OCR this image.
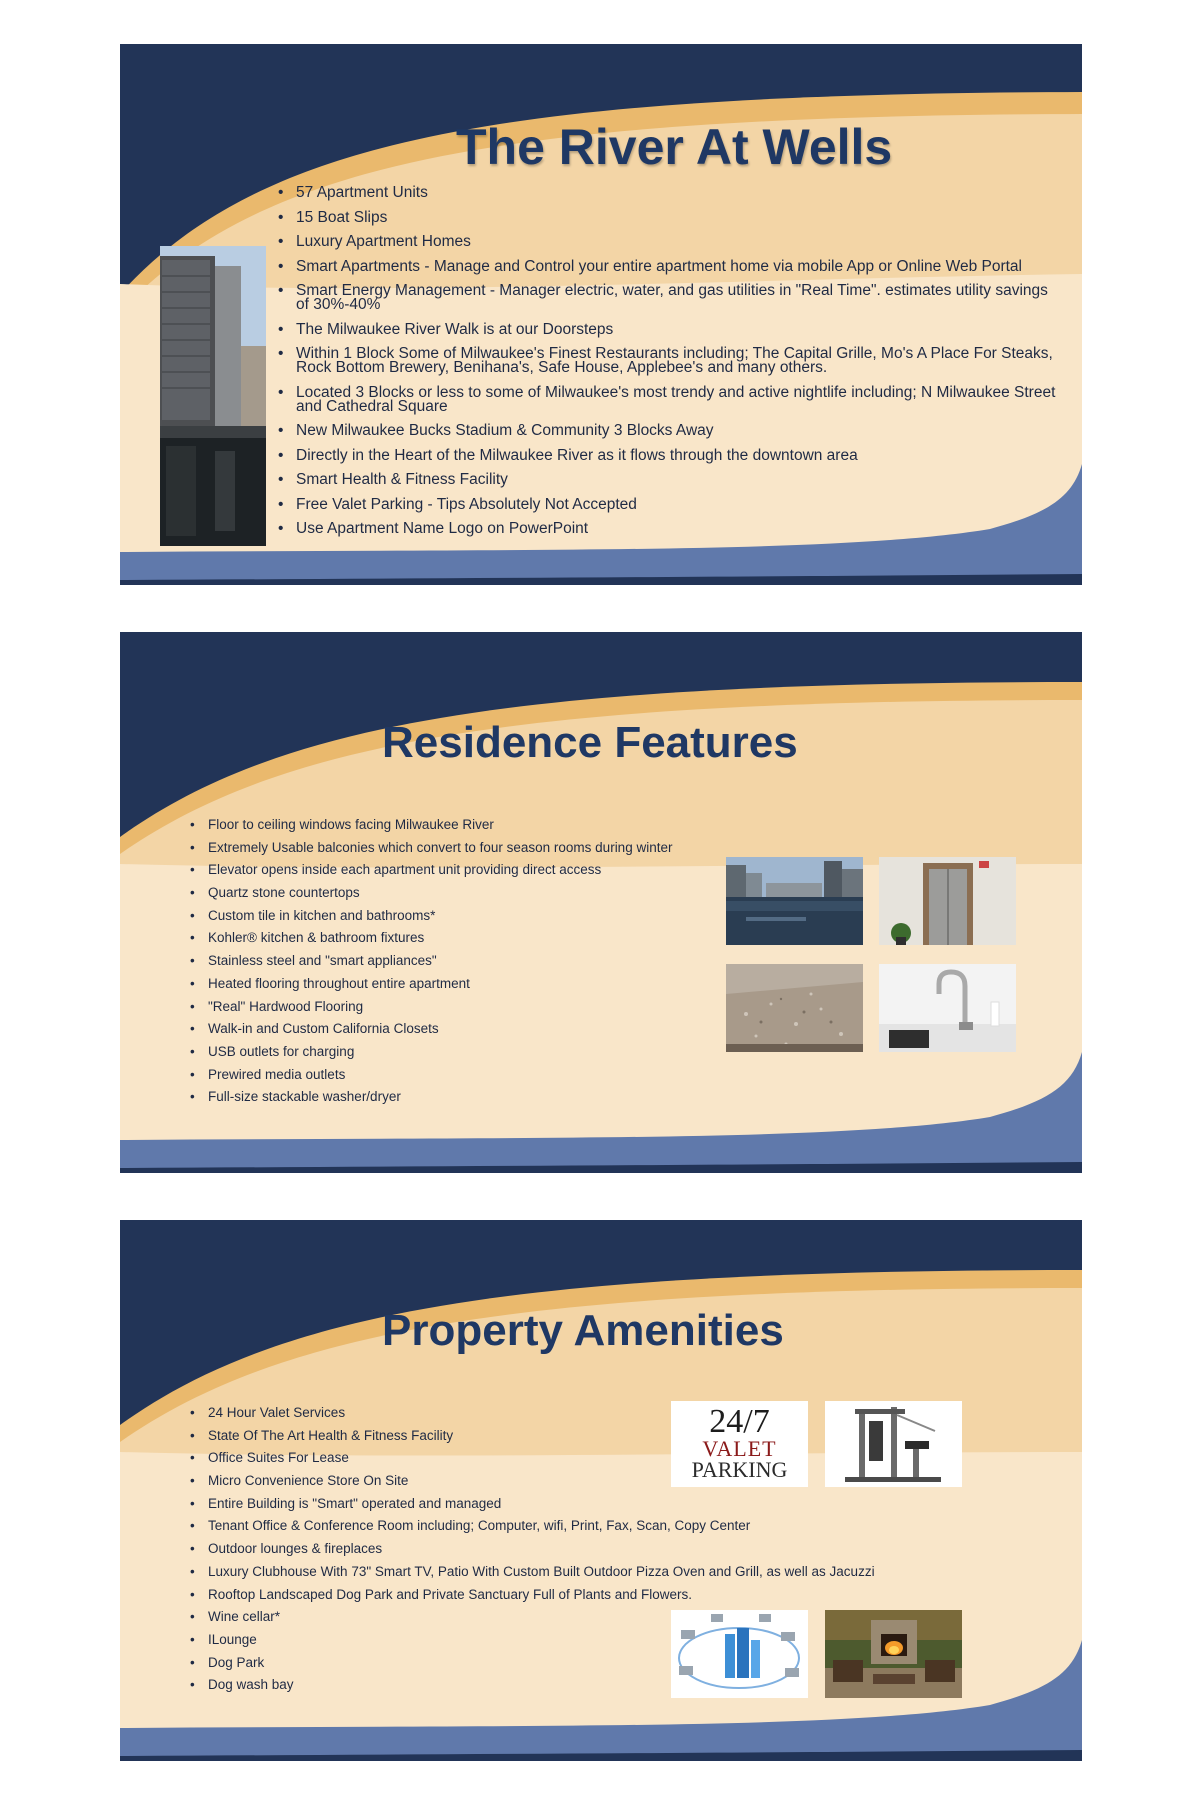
The River At Wells
• 57 Apartment Units
• 15 Boat Slips
• Luxury Apartment Homes
• Smart Apartments - Manage and Control your entire apartment home via mobile App or Online Web Portal
• Smart Energy Management - Manager electric, water, and gas utilities in "Real Time". estimates utility savings of 30%-40%
• The Milwaukee River Walk is at our Doorsteps
• Within 1 Block Some of Milwaukee's Finest Restaurants including; The Capital Grille, Mo's A Place For Steaks, Rock Bottom Brewery, Benihana's, Safe House, Applebee's and many others.
• Located 3 Blocks or less to some of Milwaukee's most trendy and active nightlife including; N Milwaukee Street and Cathedral Square
• New Milwaukee Bucks Stadium & Community 3 Blocks Away
• Directly in the Heart of the Milwaukee River as it flows through the downtown area
• Smart Health & Fitness Facility
• Free Valet Parking - Tips Absolutely Not Accepted
• Use Apartment Name Logo on PowerPoint
Residence Features
• Floor to ceiling windows facing Milwaukee River
• Extremely Usable balconies which convert to four season rooms during winter
• Elevator opens inside each apartment unit providing direct access
• Quartz stone countertops
• Custom tile in kitchen and bathrooms*
• Kohler® kitchen & bathroom fixtures
• Stainless steel and "smart appliances"
• Heated flooring throughout entire apartment
• "Real" Hardwood Flooring
• Walk-in and Custom California Closets
• USB outlets for charging
• Prewired media outlets
• Full-size stackable washer/dryer
Property Amenities
• 24 Hour Valet Services
• State Of The Art Health & Fitness Facility
• Office Suites For Lease
• Micro Convenience Store On Site
• Entire Building is "Smart" operated and managed
• Tenant Office & Conference Room including; Computer, wifi, Print, Fax, Scan, Copy Center
• Outdoor lounges & fireplaces
• Luxury Clubhouse With 73" Smart TV, Patio With Custom Built Outdoor Pizza Oven and Grill, as well as Jacuzzi
• Rooftop Landscaped Dog Park and Private Sanctuary Full of Plants and Flowers.
• Wine cellar*
• ILounge
• Dog Park
• Dog wash bay
24/7
VALET
PARKING
